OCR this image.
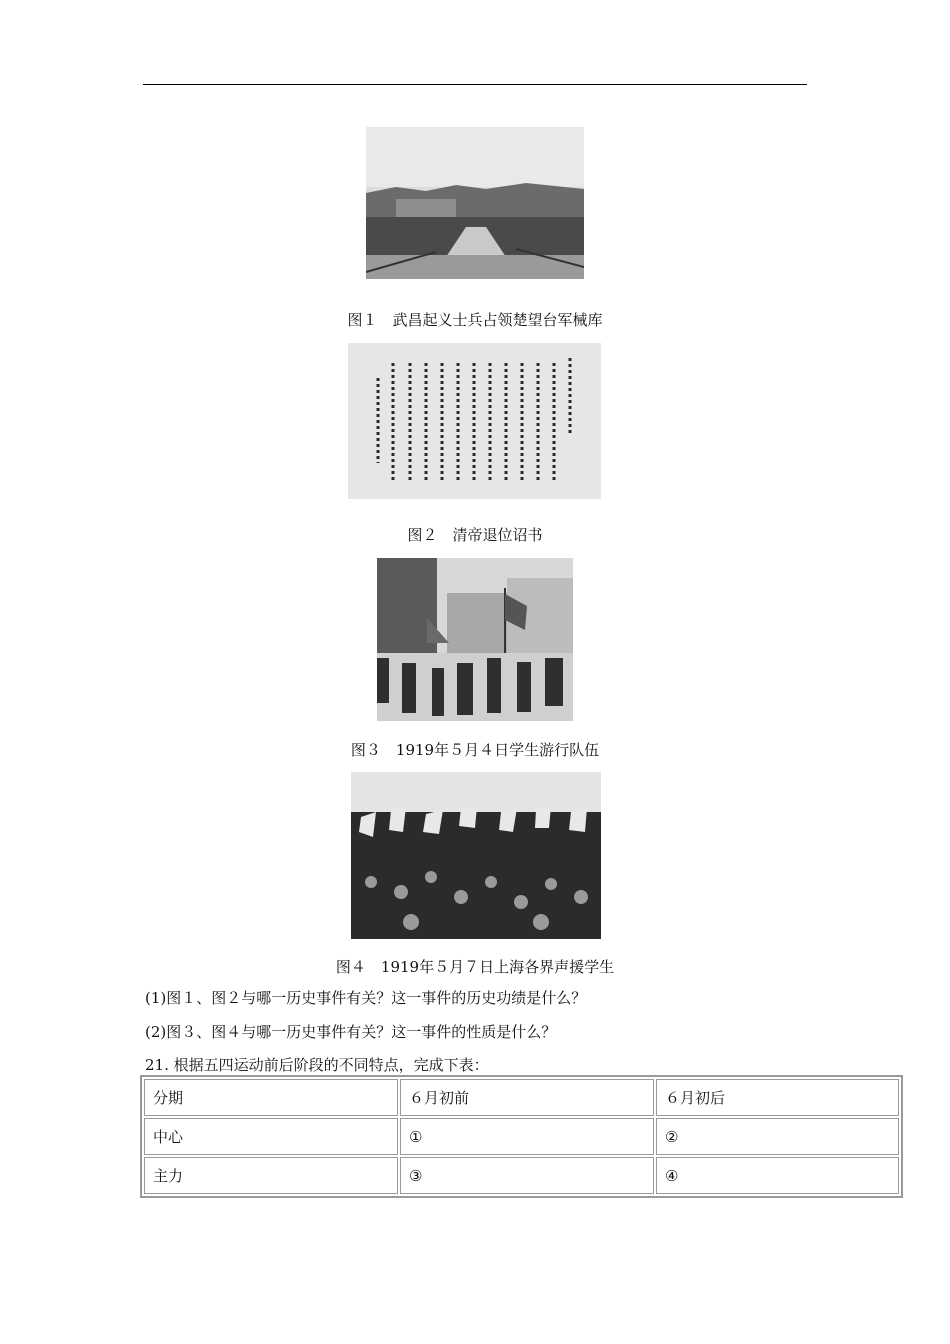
图１　武昌起义士兵占领楚望台军械库
图２　清帝退位诏书
图３　1919年５月４日学生游行队伍
图４　1919年５月７日上海各界声援学生
(1)图１、图２与哪一历史事件有关？这一事件的历史功绩是什么？
(2)图３、图４与哪一历史事件有关？这一事件的性质是什么？
21. 根据五四运动前后阶段的不同特点，完成下表：
分期	６月初前	６月初后
中心	①	②
主力	③	④
